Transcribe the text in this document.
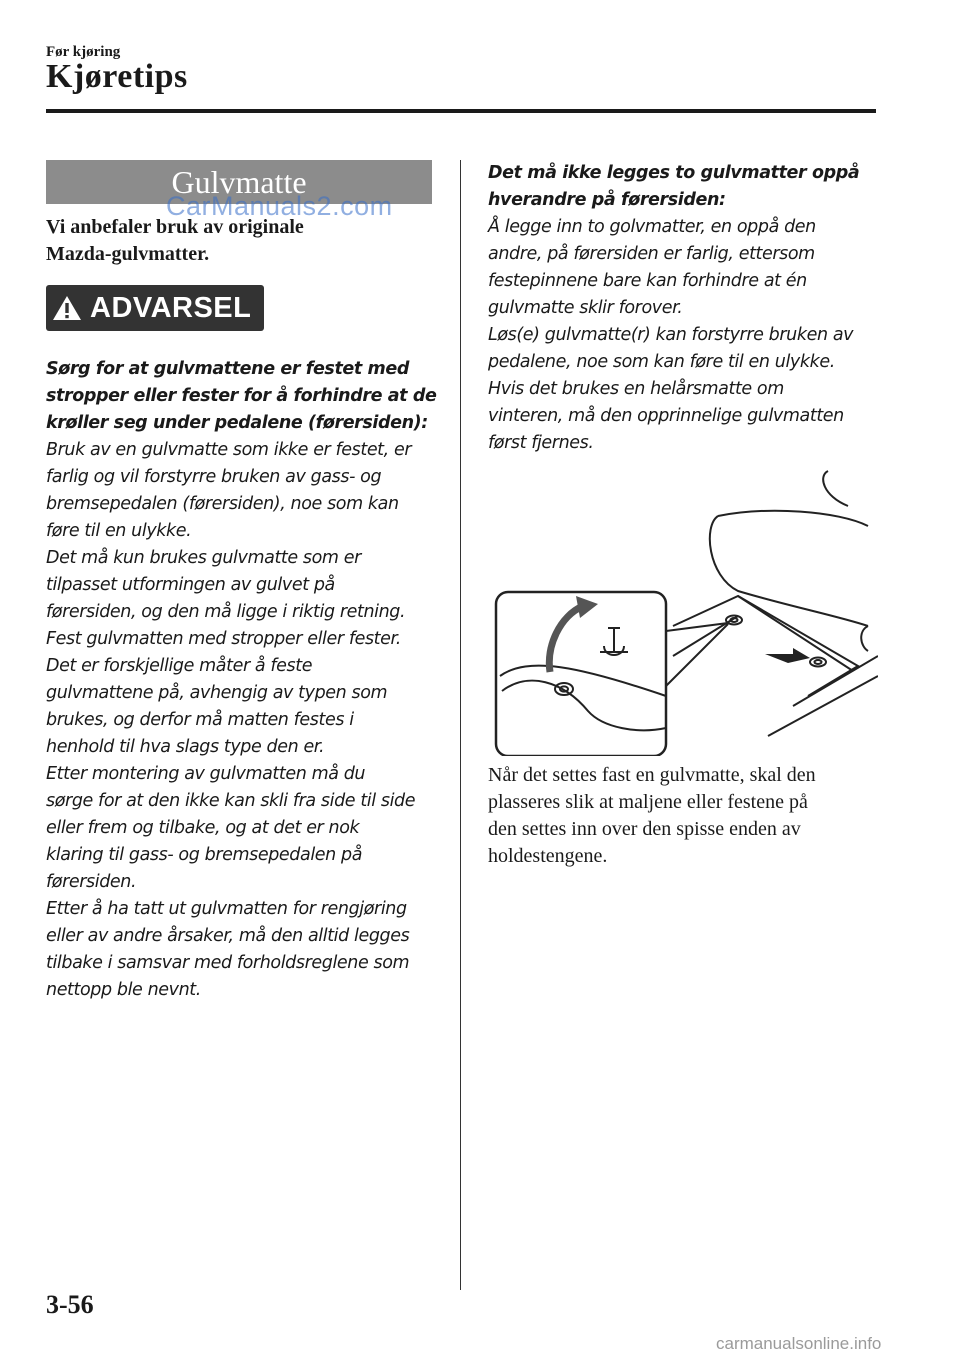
Før kjøring
Kjøretips
Gulvmatte
CarManuals2.com

Vi anbefaler bruk av originale

Mazda-gulvmatter.

ADVARSEL

Sørg for at gulvmattene er festet med

stropper eller fester for å forhindre at de

krøller seg under pedalene (førersiden):

Bruk av en gulvmatte som ikke er festet, er

farlig og vil forstyrre bruken av gass- og

bremsepedalen (førersiden), noe som kan

føre til en ulykke.

Det må kun brukes gulvmatte som er

tilpasset utformingen av gulvet på

førersiden, og den må ligge i riktig retning.

Fest gulvmatten med stropper eller fester.

Det er forskjellige måter å feste

gulvmattene på, avhengig av typen som

brukes, og derfor må matten festes i

henhold til hva slags type den er.

Etter montering av gulvmatten må du

sørge for at den ikke kan skli fra side til side

eller frem og tilbake, og at det er nok

klaring til gass- og bremsepedalen på

førersiden.

Etter å ha tatt ut gulvmatten for rengjøring

eller av andre årsaker, må den alltid legges

tilbake i samsvar med forholdsreglene som

nettopp ble nevnt.

Det må ikke legges to gulvmatter oppå

hverandre på førersiden:

Å legge inn to golvmatter, en oppå den

andre, på førersiden er farlig, ettersom

festepinnene bare kan forhindre at én

gulvmatte sklir forover.

Løs(e) gulvmatte(r) kan forstyrre bruken av

pedalene, noe som kan føre til en ulykke.

Hvis det brukes en helårsmatte om

vinteren, må den opprinnelige gulvmatten

først fjernes.

Når det settes fast en gulvmatte, skal den

plasseres slik at maljene eller festene på

den settes inn over den spisse enden av

holdestengene.

3-56
carmanualsonline.info
